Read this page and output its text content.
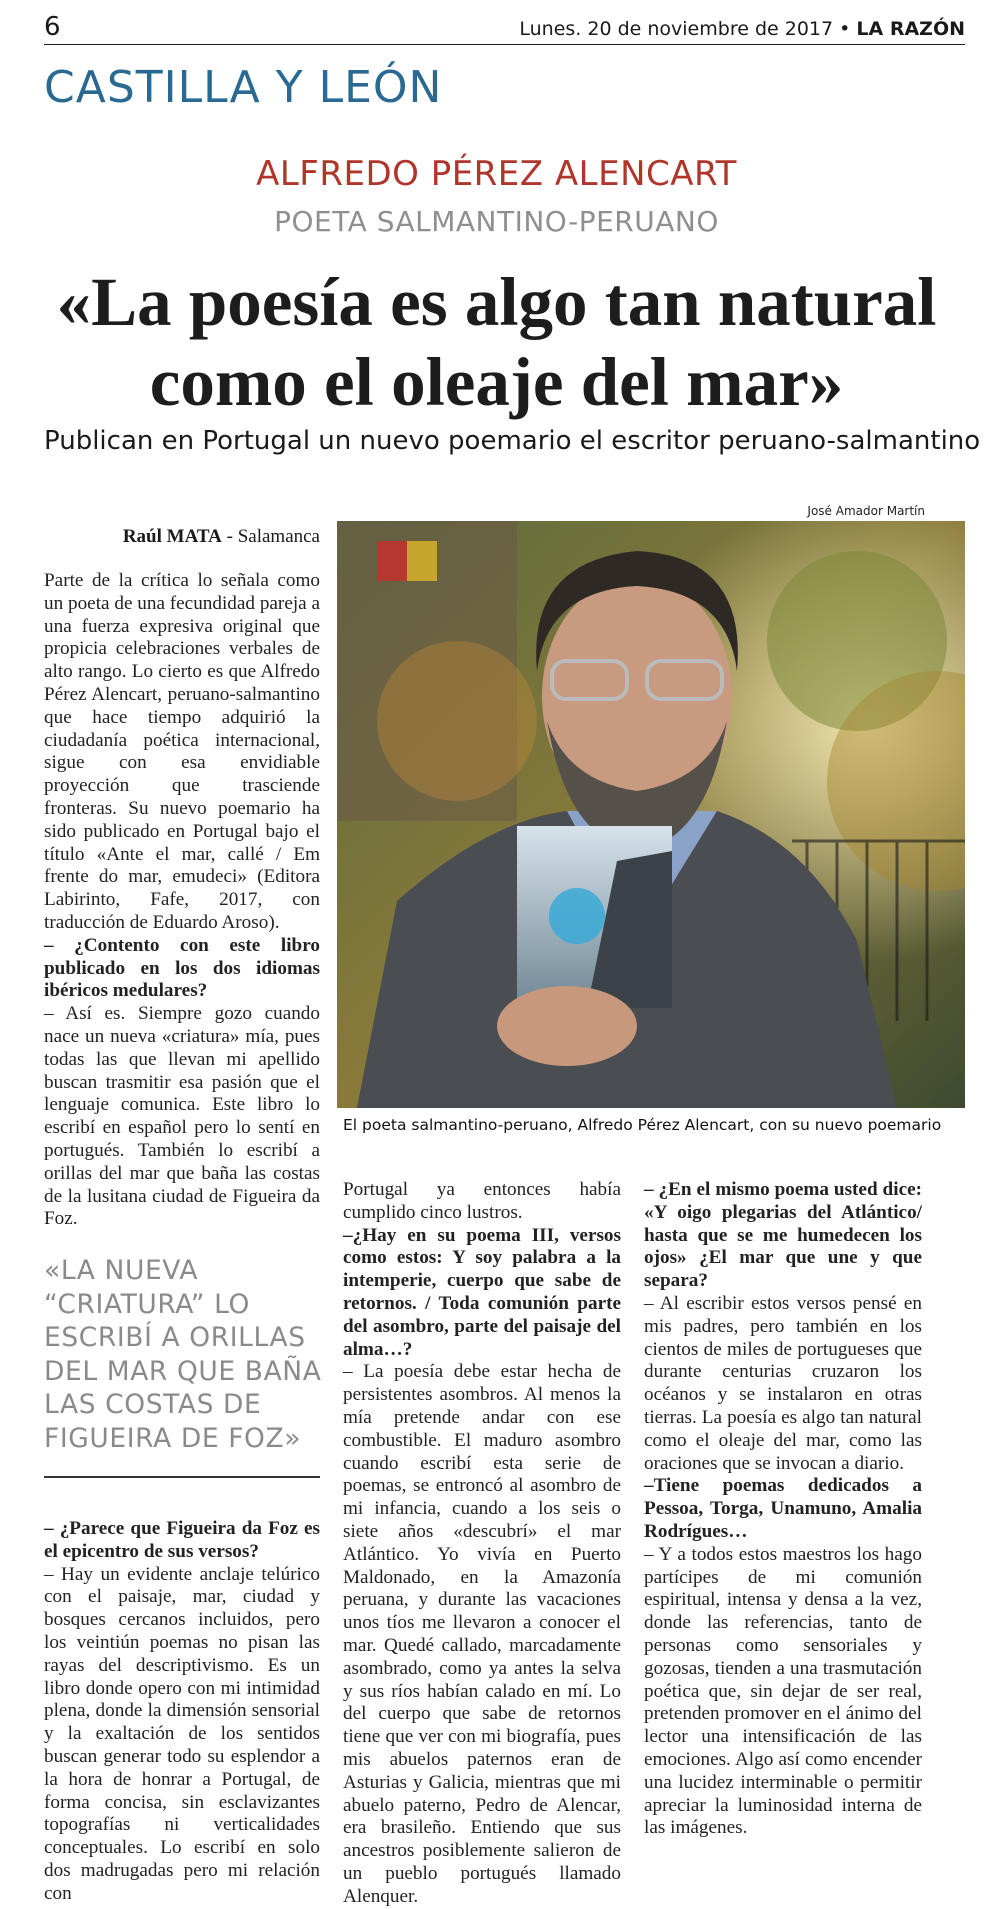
6	Lunes. 20 de noviembre de 2017 • LA RAZÓN
CASTILLA Y LEÓN
ALFREDO PÉREZ ALENCART
POETA SALMANTINO-PERUANO
«La poesía es algo tan natural
como el oleaje del mar»
Publican en Portugal un nuevo poemario el escritor peruano-salmantino
José Amador Martín
El poeta salmantino-peruano, Alfredo Pérez Alencart, con su nuevo poemario
Raúl MATA - Salamanca

Parte de la crítica lo señala como un poeta de una fecundidad pareja a una fuerza expresiva original que propicia celebraciones verbales de alto rango. Lo cierto es que Alfredo Pérez Alencart, peruano-salmantino que hace tiempo adquirió la ciudadanía poética internacional, sigue con esa envidiable proyección que trasciende fronteras. Su nuevo poemario ha sido publicado en Portugal bajo el título «Ante el mar, callé / Em frente do mar, emudeci» (Editora Labirinto, Fafe, 2017, con traducción de Eduardo Aroso).

– ¿Contento con este libro publicado en los dos idiomas ibéricos medulares?

– Así es. Siempre gozo cuando nace un nueva «criatura» mía, pues todas las que llevan mi apellido buscan trasmitir esa pasión que el lenguaje comunica. Este libro lo escribí en español pero lo sentí en portugués. También lo escribí a orillas del mar que baña las costas de la lusitana ciudad de Figueira da Foz.

«LA NUEVA “CRIATURA” LO ESCRIBÍ A ORILLAS DEL MAR QUE BAÑA LAS COSTAS DE FIGUEIRA DE FOZ»

– ¿Parece que Figueira da Foz es el epicentro de sus versos?

– Hay un evidente anclaje telúrico con el paisaje, mar, ciudad y bosques cercanos incluidos, pero los veintiún poemas no pisan las rayas del descriptivismo. Es un libro donde opero con mi intimidad plena, donde la dimensión sensorial y la exaltación de los sentidos buscan generar todo su esplendor a la hora de honrar a Portugal, de forma concisa, sin esclavizantes topografías ni verticalidades conceptuales. Lo escribí en solo dos madrugadas pero mi relación con

Portugal ya entonces había cumplido cinco lustros.

–¿Hay en su poema III, versos como estos: Y soy palabra a la intemperie, cuerpo que sabe de retornos. / Toda comunión parte del asombro, parte del paisaje del alma…?

– La poesía debe estar hecha de persistentes asombros. Al menos la mía pretende andar con ese combustible. El maduro asombro cuando escribí esta serie de poemas, se entroncó al asombro de mi infancia, cuando a los seis o siete años «descubrí» el mar Atlántico. Yo vivía en Puerto Maldonado, en la Amazonía peruana, y durante las vacaciones unos tíos me llevaron a conocer el mar. Quedé callado, marcadamente asombrado, como ya antes la selva y sus ríos habían calado en mí. Lo del cuerpo que sabe de retornos tiene que ver con mi biografía, pues mis abuelos paternos eran de Asturias y Galicia, mientras que mi abuelo paterno, Pedro de Alencar, era brasileño. Entiendo que sus ancestros posiblemente salieron de un pueblo portugués llamado Alenquer.

– ¿En el mismo poema usted dice: «Y oigo plegarias del Atlántico/ hasta que se me humedecen los ojos» ¿El mar que une y que separa?

– Al escribir estos versos pensé en mis padres, pero también en los cientos de miles de portugueses que durante centurias cruzaron los océanos y se instalaron en otras tierras. La poesía es algo tan natural como el oleaje del mar, como las oraciones que se invocan a diario.

–Tiene poemas dedicados a Pessoa, Torga, Unamuno, Amalia Rodrígues…

– Y a todos estos maestros los hago partícipes de mi comunión espiritual, intensa y densa a la vez, donde las referencias, tanto de personas como sensoriales y gozosas, tienden a una trasmutación poética que, sin dejar de ser real, pretenden promover en el ánimo del lector una intensificación de las emociones. Algo así como encender una lucidez interminable o permitir apreciar la luminosidad interna de las imágenes.
